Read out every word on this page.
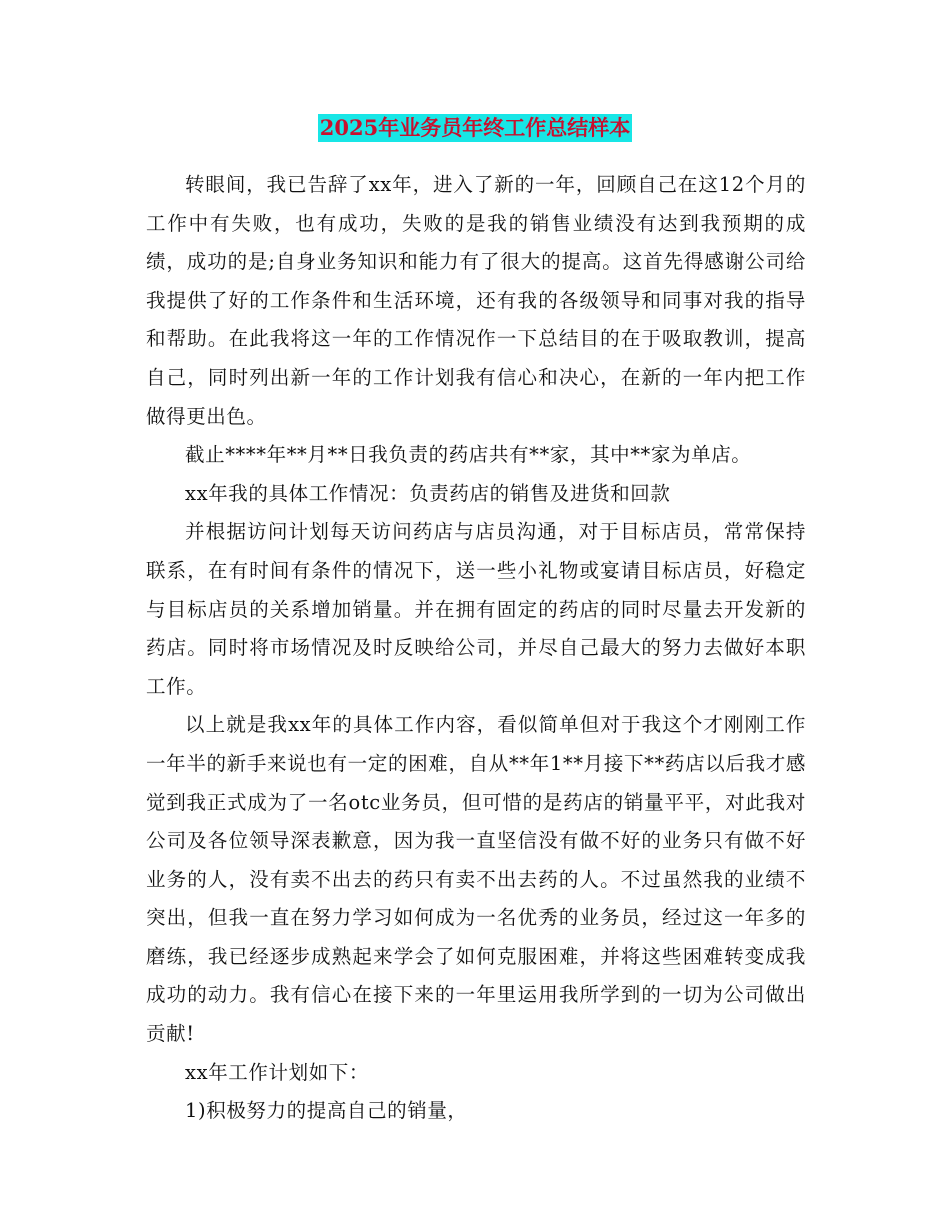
2025年业务员年终工作总结样本

转眼间，我已告辞了xx年，进入了新的一年，回顾自己在这12个月的工作中有失败，也有成功，失败的是我的销售业绩没有达到我预期的成绩，成功的是;自身业务知识和能力有了很大的提高。这首先得感谢公司给我提供了好的工作条件和生活环境，还有我的各级领导和同事对我的指导和帮助。在此我将这一年的工作情况作一下总结目的在于吸取教训，提高自己，同时列出新一年的工作计划我有信心和决心，在新的一年内把工作做得更出色。

截止****年**月**日我负责的药店共有**家，其中**家为单店。

xx年我的具体工作情况：负责药店的销售及进货和回款

并根据访问计划每天访问药店与店员沟通，对于目标店员，常常保持联系，在有时间有条件的情况下，送一些小礼物或宴请目标店员，好稳定与目标店员的关系增加销量。并在拥有固定的药店的同时尽量去开发新的药店。同时将市场情况及时反映给公司，并尽自己最大的努力去做好本职工作。

以上就是我xx年的具体工作内容，看似简单但对于我这个才刚刚工作一年半的新手来说也有一定的困难，自从**年1**月接下**药店以后我才感觉到我正式成为了一名otc业务员，但可惜的是药店的销量平平，对此我对公司及各位领导深表歉意，因为我一直坚信没有做不好的业务只有做不好业务的人，没有卖不出去的药只有卖不出去药的人。不过虽然我的业绩不突出，但我一直在努力学习如何成为一名优秀的业务员，经过这一年多的磨练，我已经逐步成熟起来学会了如何克服困难，并将这些困难转变成我成功的动力。我有信心在接下来的一年里运用我所学到的一切为公司做出贡献!

xx年工作计划如下：

1)积极努力的提高自己的销量，
